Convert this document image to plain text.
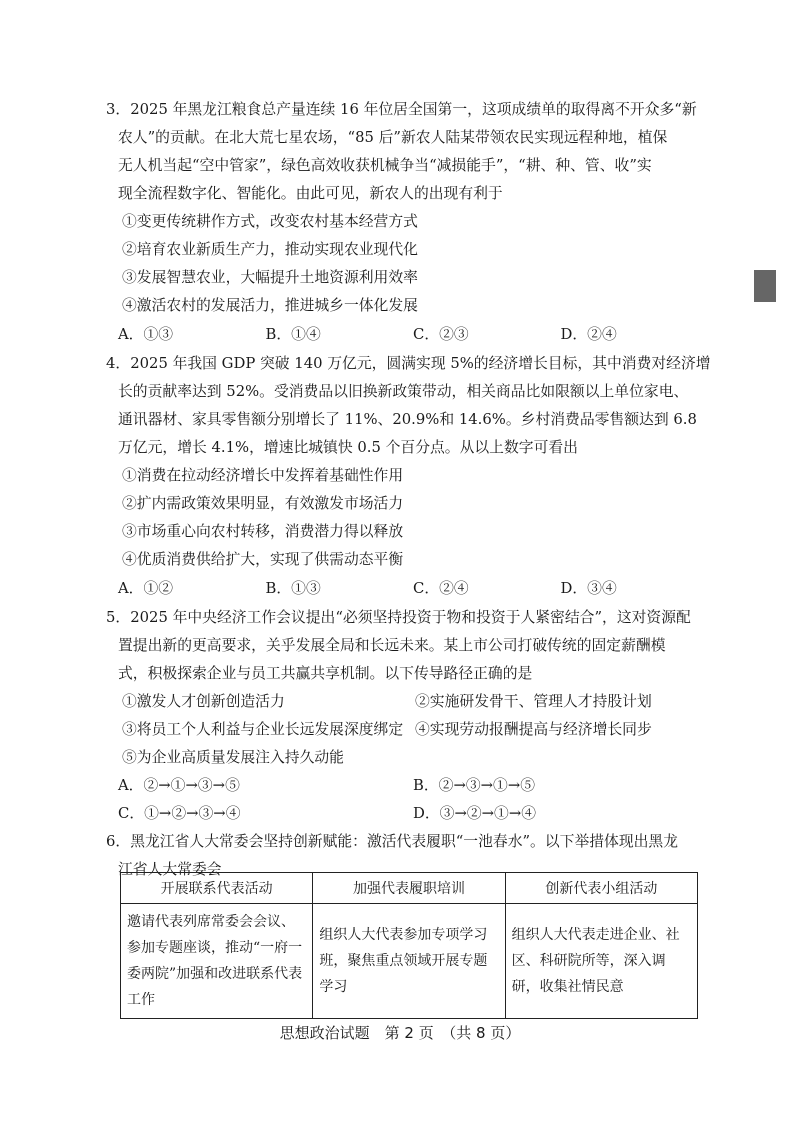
3．2025 年黑龙江粮食总产量连续 16 年位居全国第一，这项成绩单的取得离不开众多“新
农人”的贡献。在北大荒七星农场，“85 后”新农人陆某带领农民实现远程种地，植保
无人机当起“空中管家”，绿色高效收获机械争当“减损能手”，“耕、种、管、收”实
现全流程数字化、智能化。由此可见，新农人的出现有利于
①变更传统耕作方式，改变农村基本经营方式
②培育农业新质生产力，推动实现农业现代化
③发展智慧农业，大幅提升土地资源利用效率
④激活农村的发展活力，推进城乡一体化发展
A．①③	B．①④	C．②③	D．②④
4．2025 年我国 GDP 突破 140 万亿元，圆满实现 5%的经济增长目标，其中消费对经济增
长的贡献率达到 52%。受消费品以旧换新政策带动，相关商品比如限额以上单位家电、
通讯器材、家具零售额分别增长了 11%、20.9%和 14.6%。乡村消费品零售额达到 6.8
万亿元，增长 4.1%，增速比城镇快 0.5 个百分点。从以上数字可看出
①消费在拉动经济增长中发挥着基础性作用
②扩内需政策效果明显，有效激发市场活力
③市场重心向农村转移，消费潜力得以释放
④优质消费供给扩大，实现了供需动态平衡
A．①②	B．①③	C．②④	D．③④
5．2025 年中央经济工作会议提出“必须坚持投资于物和投资于人紧密结合”，这对资源配
置提出新的更高要求，关乎发展全局和长远未来。某上市公司打破传统的固定薪酬模
式，积极探索企业与员工共赢共享机制。以下传导路径正确的是
①激发人才创新创造活力	②实施研发骨干、管理人才持股计划
③将员工个人利益与企业长远发展深度绑定 ④实现劳动报酬提高与经济增长同步
⑤为企业高质量发展注入持久动能
A．②→①→③→⑤	B．②→③→①→⑤
C．①→②→③→④	D．③→②→①→④
6．黑龙江省人大常委会坚持创新赋能：激活代表履职“一池春水”。以下举措体现出黑龙
江省人大常委会
开展联系代表活动	加强代表履职培训	创新代表小组活动
邀请代表列席常委会会议、参加专题座谈，推动“一府一委两院”加强和改进联系代表工作	组织人大代表参加专项学习班，聚焦重点领域开展专题学习	组织人大代表走进企业、社区、科研院所等，深入调研，收集社情民意
思想政治试题　第 2 页　（共 8 页）
